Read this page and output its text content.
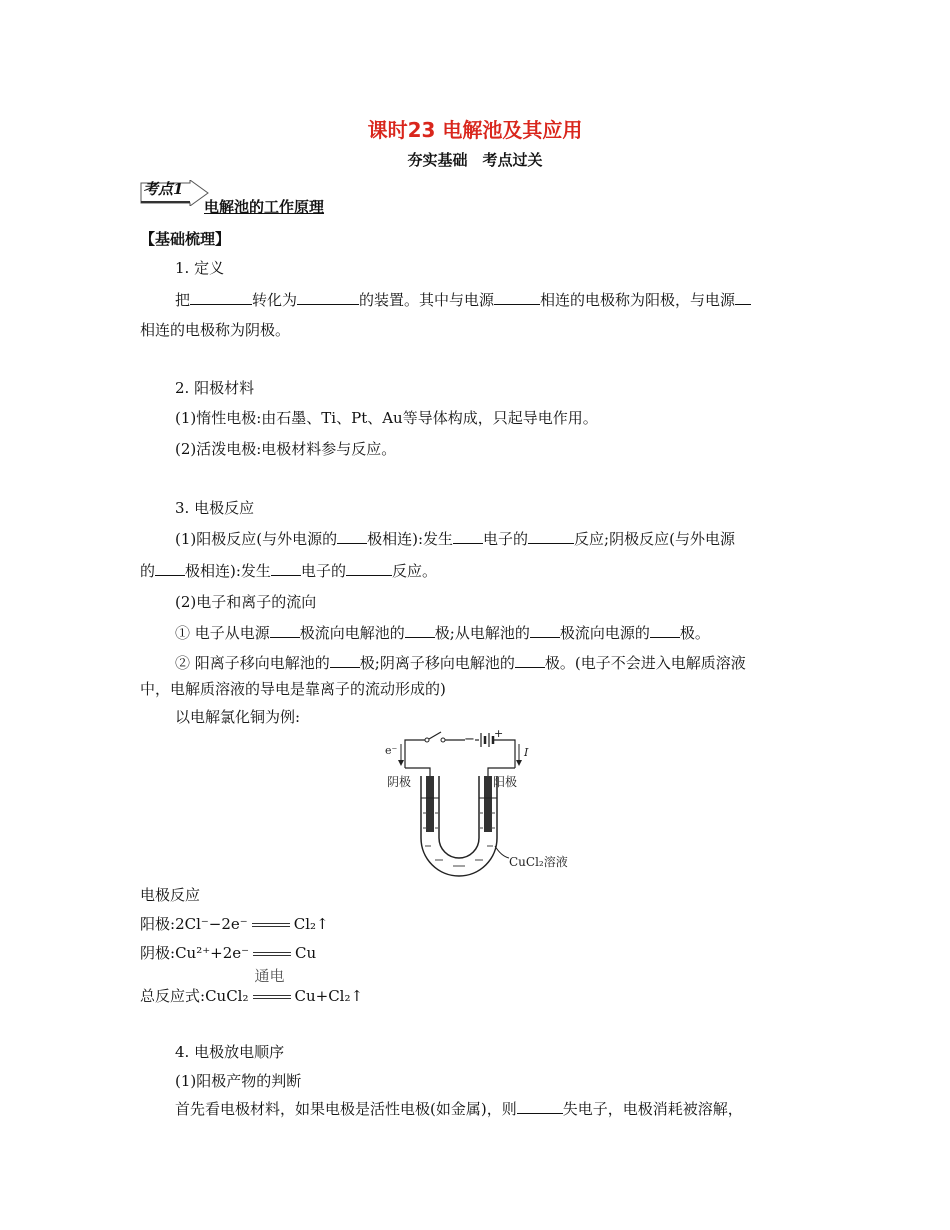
课时23 电解池及其应用
夯实基础　考点过关
考点1
电解池的工作原理
【基础梳理】
1. 定义
把	转化为	的装置。其中与电源	相连的电极称为阳极，与电源
相连的电极称为阴极。
2. 阳极材料
(1)惰性电极:由石墨、Ti、Pt、Au等导体构成，只起导电作用。
(2)活泼电极:电极材料参与反应。
3. 电极反应
(1)阳极反应(与外电源的 极相连):发生 电子的	反应;阴极反应(与外电源
的 极相连):发生 电子的	反应。
(2)电子和离子的流向
① 电子从电源 极流向电解池的 极;从电解池的 极流向电源的 极。
② 阳离子移向电解池的 极;阴离子移向电解池的 极。(电子不会进入电解质溶液
中，电解质溶液的导电是靠离子的流动形成的)
以电解氯化铜为例:
− +
e⁻	I
阴极	阳极
CuCl₂溶液
电极反应
阳极:2Cl⁻−2e⁻	Cl₂↑
阴极:Cu²⁺+2e⁻	Cu
总反应式:CuCl₂
通电
Cu+Cl₂↑
4. 电极放电顺序
(1)阳极产物的判断
首先看电极材料，如果电极是活性电极(如金属)，则	失电子，电极消耗被溶解，
